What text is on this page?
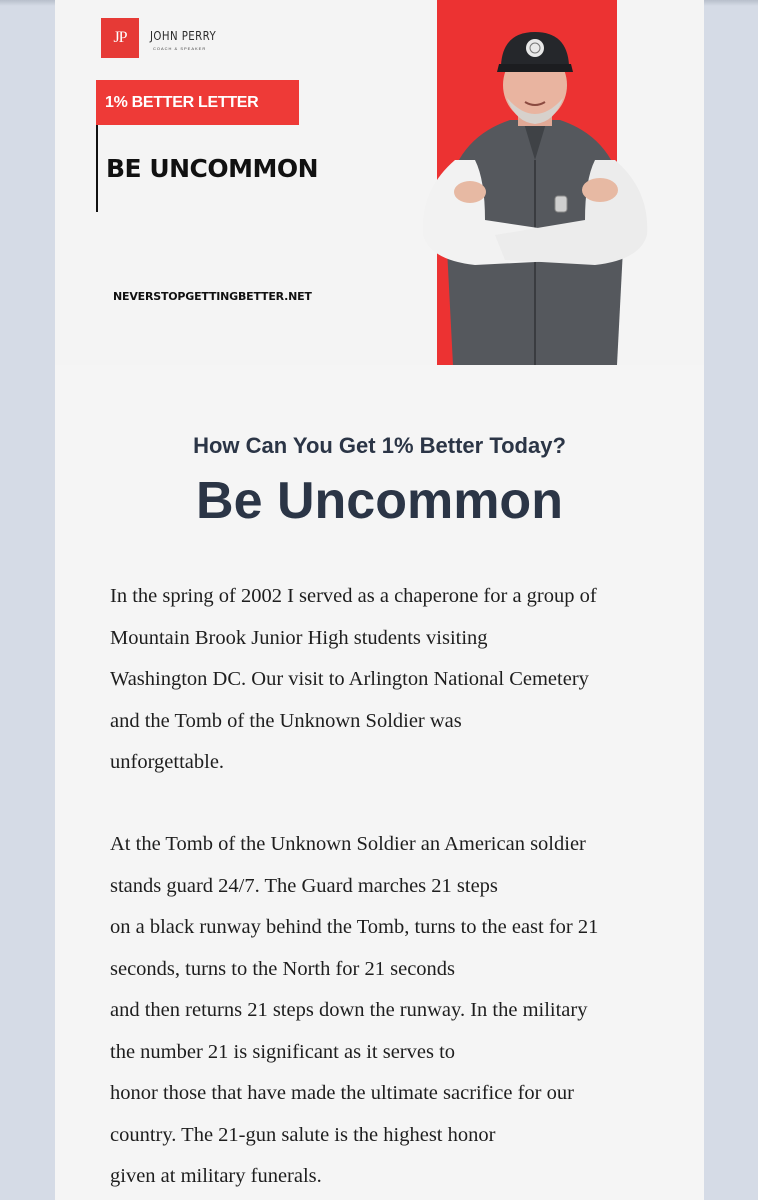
JP	JOHN PERRY
COACH & SPEAKER
1% BETTER LETTER
BE UNCOMMON
NEVERSTOPGETTINGBETTER.NET
How Can You Get 1% Better Today?
Be Uncommon
In the spring of 2002 I served as a chaperone for a group of
Mountain Brook Junior High students visiting
Washington DC. Our visit to Arlington National Cemetery
and the Tomb of the Unknown Soldier was
unforgettable.
At the Tomb of the Unknown Soldier an American soldier
stands guard 24/7. The Guard marches 21 steps
on a black runway behind the Tomb, turns to the east for 21
seconds, turns to the North for 21 seconds
and then returns 21 steps down the runway. In the military
the number 21 is significant as it serves to
honor those that have made the ultimate sacrifice for our
country. The 21-gun salute is the highest honor
given at military funerals.
